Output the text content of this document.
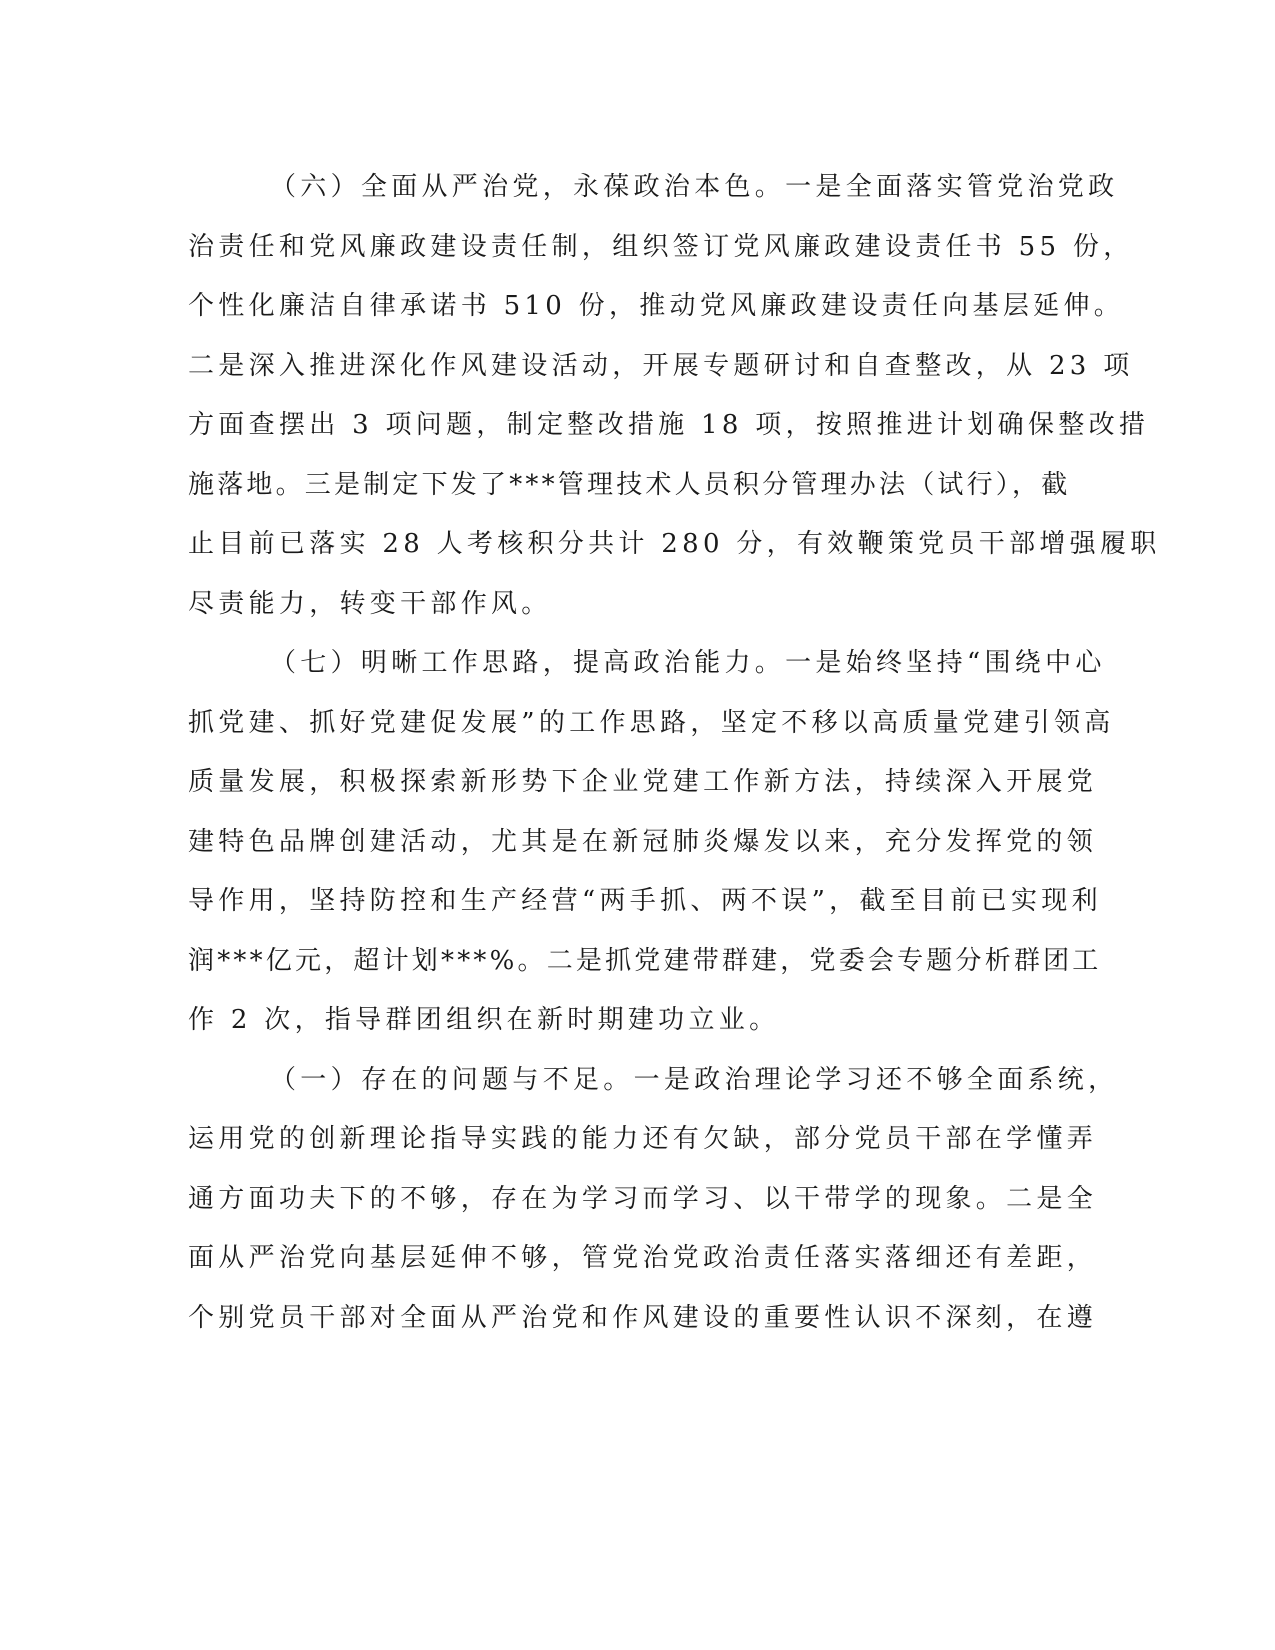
（六）全面从严治党，永葆政治本色。一是全面落实管党治党政
治责任和党风廉政建设责任制，组织签订党风廉政建设责任书 55 份，
个性化廉洁自律承诺书 510 份，推动党风廉政建设责任向基层延伸。
二是深入推进深化作风建设活动，开展专题研讨和自查整改，从 23 项
方面查摆出 3 项问题，制定整改措施 18 项，按照推进计划确保整改措
施落地。三是制定下发了***管理技术人员积分管理办法（试行），截
止目前已落实 28 人考核积分共计 280 分，有效鞭策党员干部增强履职
尽责能力，转变干部作风。
（七）明晰工作思路，提高政治能力。一是始终坚持“围绕中心
抓党建、抓好党建促发展”的工作思路，坚定不移以高质量党建引领高
质量发展，积极探索新形势下企业党建工作新方法，持续深入开展党
建特色品牌创建活动，尤其是在新冠肺炎爆发以来，充分发挥党的领
导作用，坚持防控和生产经营“两手抓、两不误”，截至目前已实现利
润***亿元，超计划***%。二是抓党建带群建，党委会专题分析群团工
作 2 次，指导群团组织在新时期建功立业。
（一）存在的问题与不足。一是政治理论学习还不够全面系统，
运用党的创新理论指导实践的能力还有欠缺，部分党员干部在学懂弄
通方面功夫下的不够，存在为学习而学习、以干带学的现象。二是全
面从严治党向基层延伸不够，管党治党政治责任落实落细还有差距，
个别党员干部对全面从严治党和作风建设的重要性认识不深刻，在遵
